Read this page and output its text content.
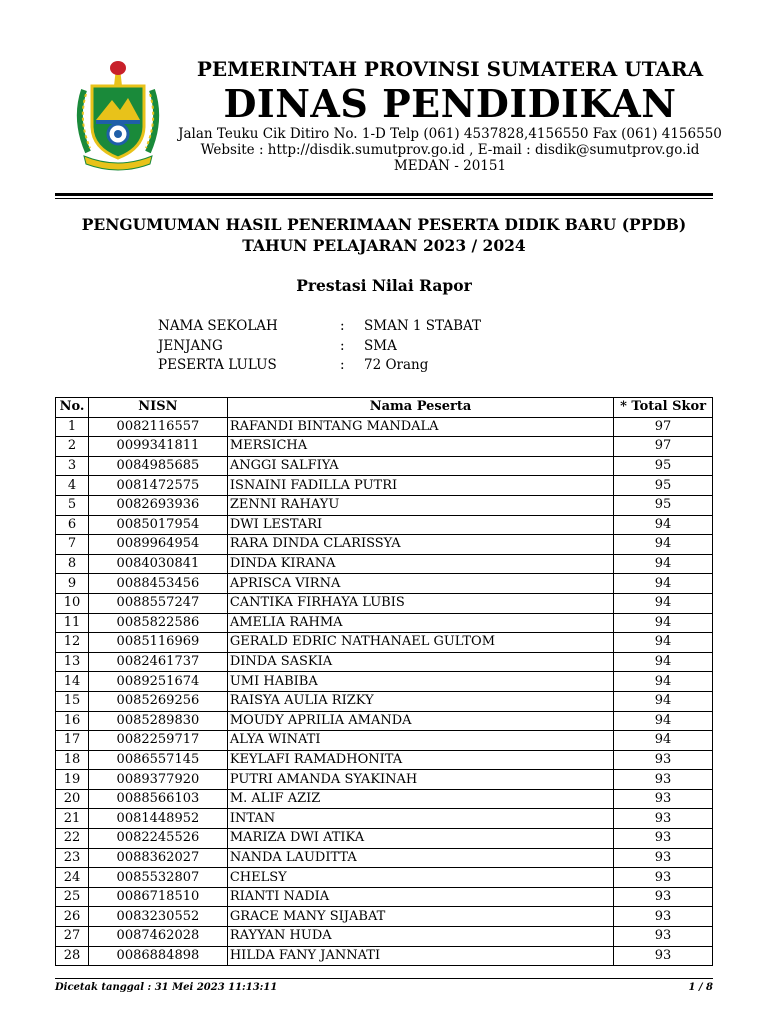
PEMERINTAH PROVINSI SUMATERA UTARA
DINAS PENDIDIKAN
Jalan Teuku Cik Ditiro No. 1-D Telp (061) 4537828,4156550 Fax (061) 4156550
Website : http://disdik.sumutprov.go.id , E-mail : disdik@sumutprov.go.id
MEDAN - 20151
PENGUMUMAN HASIL PENERIMAAN PESERTA DIDIK BARU (PPDB)
TAHUN PELAJARAN 2023 / 2024
Prestasi Nilai Rapor
NAMA SEKOLAH	:	SMAN 1 STABAT
JENJANG	:	SMA
PESERTA LULUS	:	72 Orang
No.	NISN	Nama Peserta	* Total Skor
1	0082116557	RAFANDI BINTANG MANDALA	97
2	0099341811	MERSICHA	97
3	0084985685	ANGGI SALFIYA	95
4	0081472575	ISNAINI FADILLA PUTRI	95
5	0082693936	ZENNI RAHAYU	95
6	0085017954	DWI LESTARI	94
7	0089964954	RARA DINDA CLARISSYA	94
8	0084030841	DINDA KIRANA	94
9	0088453456	APRISCA VIRNA	94
10	0088557247	CANTIKA FIRHAYA LUBIS	94
11	0085822586	AMELIA RAHMA	94
12	0085116969	GERALD EDRIC NATHANAEL GULTOM	94
13	0082461737	DINDA SASKIA	94
14	0089251674	UMI HABIBA	94
15	0085269256	RAISYA AULIA RIZKY	94
16	0085289830	MOUDY APRILIA AMANDA	94
17	0082259717	ALYA WINATI	94
18	0086557145	KEYLAFI RAMADHONITA	93
19	0089377920	PUTRI AMANDA SYAKINAH	93
20	0088566103	M. ALIF AZIZ	93
21	0081448952	INTAN	93
22	0082245526	MARIZA DWI ATIKA	93
23	0088362027	NANDA LAUDITTA	93
24	0085532807	CHELSY	93
25	0086718510	RIANTI NADIA	93
26	0083230552	GRACE MANY SIJABAT	93
27	0087462028	RAYYAN HUDA	93
28	0086884898	HILDA FANY JANNATI	93
Dicetak tanggal : 31 Mei 2023 11:13:11	1 / 8
